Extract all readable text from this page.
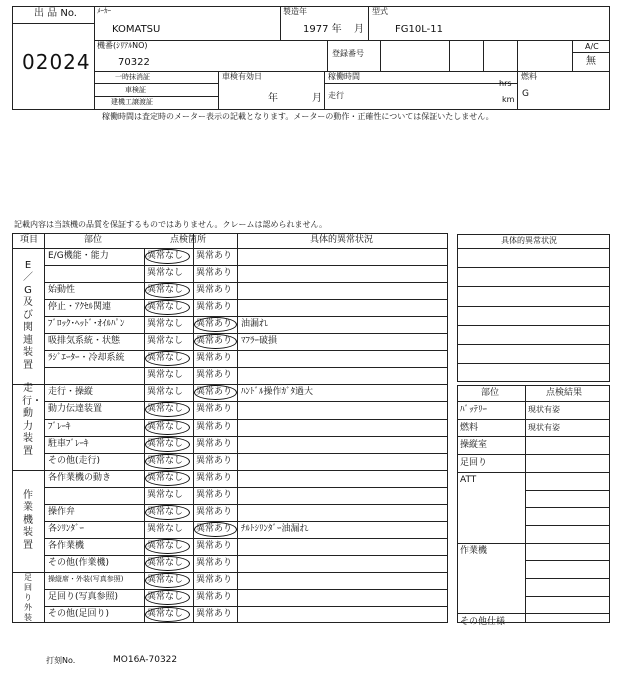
出 品 No.
02024
ﾒｰｶｰ
KOMATSU
製造年
1977 年 月
型式
FG10L-11
機番(ｼﾘｱﾙNO)
70322
登録番号
A/C
無
一時抹消証
車検証
建機工譲渡証
車検有効日
年	月
稼働時間
走行
hrs
km
燃料
G
稼働時間は査定時のメーター表示の記載となります。メーターの動作・正確性については保証いたしません。
記載内容は当該機の品質を保証するものではありません。クレームは認められません。
具体的異常状況
部位	点検結果
打刻No.	MO16A-70322
項目	部位	点検箇所	具体的異常状況
E／G及び関連装置
走行・動力装置
作業機装置
足回り外装
E/G機能・能力	異常なし 異常あり
異常なし 異常あり
始動性	異常なし 異常あり
停止・ｱｸｾﾙ関連	異常なし 異常あり
ﾌﾞﾛｯｸ･ﾍｯﾄﾞ･ｵｲﾙﾊﾟﾝ 異常なし 異常あり 油漏れ
吸排気系統・状態	異常なし 異常あり ﾏﾌﾗｰ破損
ﾗｼﾞｴｰﾀｰ・冷却系統 異常なし 異常あり
異常なし 異常あり
走行・操縦	異常なし 異常あり ﾊﾝﾄﾞﾙ操作ｶﾞﾀ過大
動力伝達装置	異常なし 異常あり
ﾌﾞﾚｰｷ	異常なし 異常あり
駐車ﾌﾞﾚｰｷ	異常なし 異常あり
その他(走行)	異常なし 異常あり
各作業機の動き	異常なし 異常あり
異常なし 異常あり
操作弁	異常なし 異常あり
各ｼﾘﾝﾀﾞｰ	異常なし 異常あり ﾁﾙﾄｼﾘﾝﾀﾞｰ油漏れ
各作業機	異常なし 異常あり
その他(作業機)	異常なし 異常あり
操縦席・外装(写真参照)	異常なし 異常あり
足回り(写真参照)	異常なし 異常あり
その他(足回り)	異常なし 異常あり
ﾊﾞｯﾃﾘｰ	現状有姿
燃料	現状有姿
操縦室
足回り
ATT
作業機
その他仕様
